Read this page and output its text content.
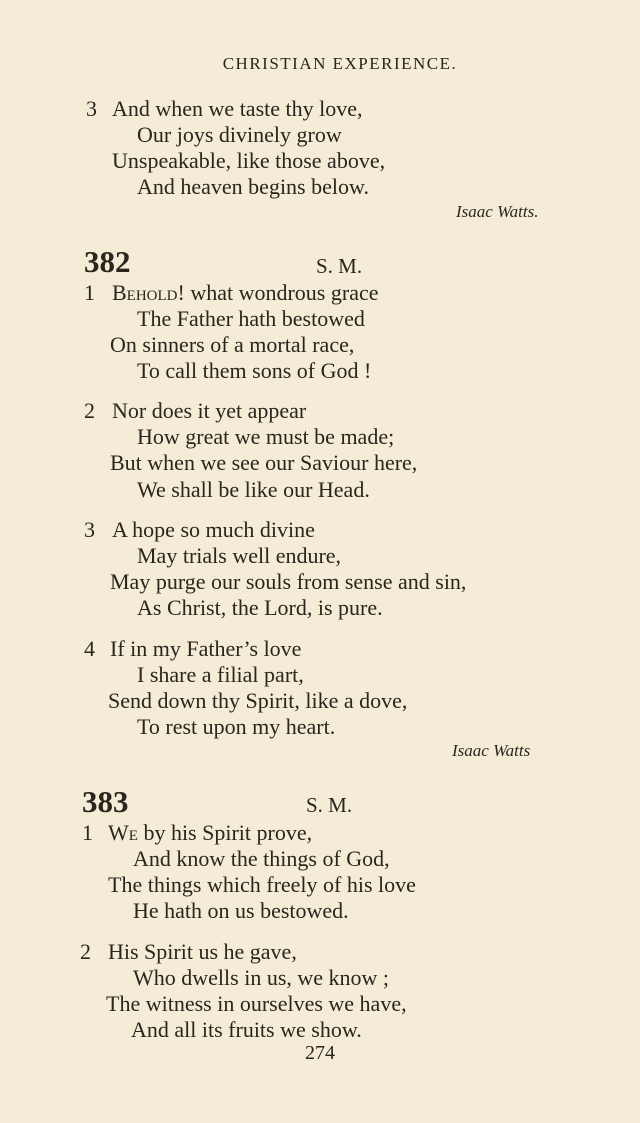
CHRISTIAN EXPERIENCE.
3 And when we taste thy love,
Our joys divinely grow
Unspeakable, like those above,
And heaven begins below.
Isaac Watts.
382	S. M.
1 Behold! what wondrous grace
The Father hath bestowed
On sinners of a mortal race,
To call them sons of God !
2 Nor does it yet appear
How great we must be made;
But when we see our Saviour here,
We shall be like our Head.
3 A hope so much divine
May trials well endure,
May purge our souls from sense and sin,
As Christ, the Lord, is pure.
4 If in my Father’s love
I share a filial part,
Send down thy Spirit, like a dove,
To rest upon my heart.
Isaac Watts
383	S. M.
1 We by his Spirit prove,
And know the things of God,
The things which freely of his love
He hath on us bestowed.
2 His Spirit us he gave,
Who dwells in us, we know ;
The witness in ourselves we have,
And all its fruits we show.
274
